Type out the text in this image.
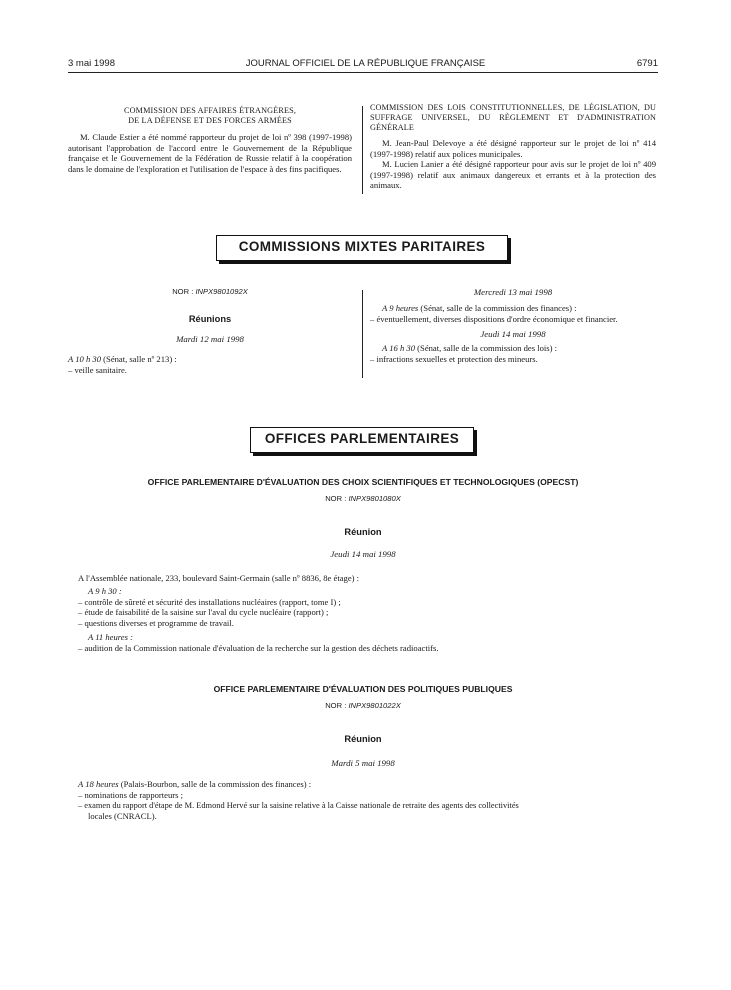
3 mai 1998	JOURNAL OFFICIEL DE LA RÉPUBLIQUE FRANÇAISE	6791
COMMISSION DES AFFAIRES ÉTRANGÈRES,
DE LA DÉFENSE ET DES FORCES ARMÉES
M. Claude Estier a été nommé rapporteur du projet de loi nº 398 (1997-1998) autorisant l'approbation de l'accord entre le Gouvernement de la République française et le Gouvernement de la Fédération de Russie relatif à la coopération dans le domaine de l'exploration et l'utilisation de l'espace à des fins pacifiques.
COMMISSION DES LOIS CONSTITUTIONNELLES, DE LÉGISLATION, DU SUFFRAGE UNIVERSEL, DU RÈGLEMENT ET D'ADMINISTRATION GÉNÉRALE
M. Jean-Paul Delevoye a été désigné rapporteur sur le projet de loi nº 414 (1997-1998) relatif aux polices municipales.
M. Lucien Lanier a été désigné rapporteur pour avis sur le projet de loi nº 409 (1997-1998) relatif aux animaux dangereux et errants et à la protection des animaux.
COMMISSIONS MIXTES PARITAIRES
NOR : INPX9801092X
Réunions
Mardi 12 mai 1998
A 10 h 30 (Sénat, salle nº 213) :
– veille sanitaire.
Mercredi 13 mai 1998
A 9 heures (Sénat, salle de la commission des finances) :
– éventuellement, diverses dispositions d'ordre économique et financier.
Jeudi 14 mai 1998
A 16 h 30 (Sénat, salle de la commission des lois) :
– infractions sexuelles et protection des mineurs.
OFFICES PARLEMENTAIRES
OFFICE PARLEMENTAIRE D'ÉVALUATION DES CHOIX SCIENTIFIQUES ET TECHNOLOGIQUES (OPECST)
NOR : INPX9801080X
Réunion
Jeudi 14 mai 1998
A l'Assemblée nationale, 233, boulevard Saint-Germain (salle nº 8836, 8e étage) :
A 9 h 30 :
– contrôle de sûreté et sécurité des installations nucléaires (rapport, tome I) ;
– étude de faisabilité de la saisine sur l'aval du cycle nucléaire (rapport) ;
– questions diverses et programme de travail.
A 11 heures :
– audition de la Commission nationale d'évaluation de la recherche sur la gestion des déchets radioactifs.
OFFICE PARLEMENTAIRE D'ÉVALUATION DES POLITIQUES PUBLIQUES
NOR : INPX9801022X
Réunion
Mardi 5 mai 1998
A 18 heures (Palais-Bourbon, salle de la commission des finances) :
– nominations de rapporteurs ;
– examen du rapport d'étape de M. Edmond Hervé sur la saisine relative à la Caisse nationale de retraite des agents des collectivités
locales (CNRACL).
